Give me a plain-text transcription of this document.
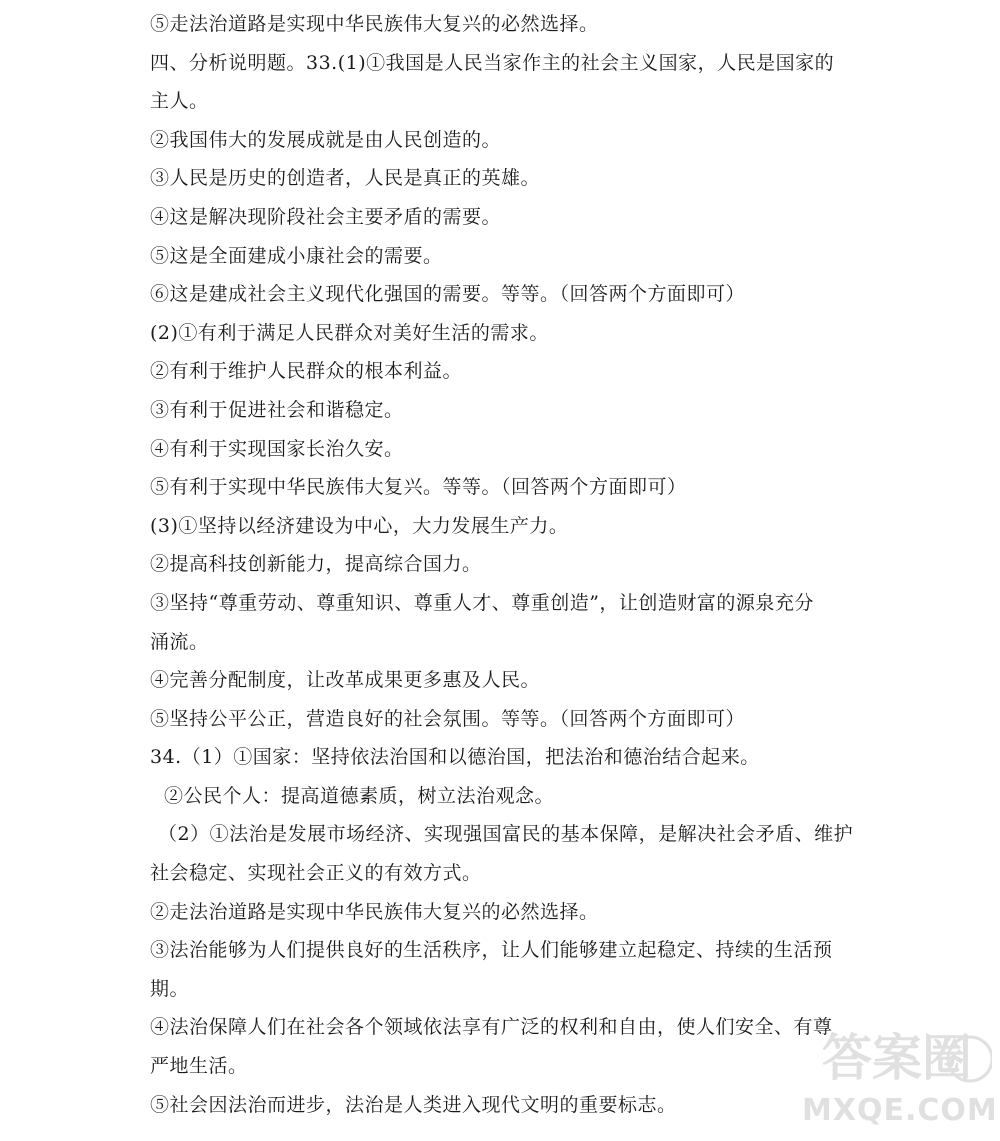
⑤走法治道路是实现中华民族伟大复兴的必然选择。
四、分析说明题。33.(1)①我国是人民当家作主的社会主义国家，人民是国家的
主人。
②我国伟大的发展成就是由人民创造的。
③人民是历史的创造者，人民是真正的英雄。
④这是解决现阶段社会主要矛盾的需要。
⑤这是全面建成小康社会的需要。
⑥这是建成社会主义现代化强国的需要。等等。（回答两个方面即可）
(2)①有利于满足人民群众对美好生活的需求。
②有利于维护人民群众的根本利益。
③有利于促进社会和谐稳定。
④有利于实现国家长治久安。
⑤有利于实现中华民族伟大复兴。等等。（回答两个方面即可）
(3)①坚持以经济建设为中心，大力发展生产力。
②提高科技创新能力，提高综合国力。
③坚持“尊重劳动、尊重知识、尊重人才、尊重创造”，让创造财富的源泉充分
涌流。
④完善分配制度，让改革成果更多惠及人民。
⑤坚持公平公正，营造良好的社会氛围。等等。（回答两个方面即可）
34.（1）①国家：坚持依法治国和以德治国，把法治和德治结合起来。
②公民个人：提高道德素质，树立法治观念。
（2）①法治是发展市场经济、实现强国富民的基本保障，是解决社会矛盾、维护
社会稳定、实现社会正义的有效方式。
②走法治道路是实现中华民族伟大复兴的必然选择。
③法治能够为人们提供良好的生活秩序，让人们能够建立起稳定、持续的生活预
期。
④法治保障人们在社会各个领域依法享有广泛的权利和自由，使人们安全、有尊
严地生活。
⑤社会因法治而进步，法治是人类进入现代文明的重要标志。
答案圈
MXQE.COM
